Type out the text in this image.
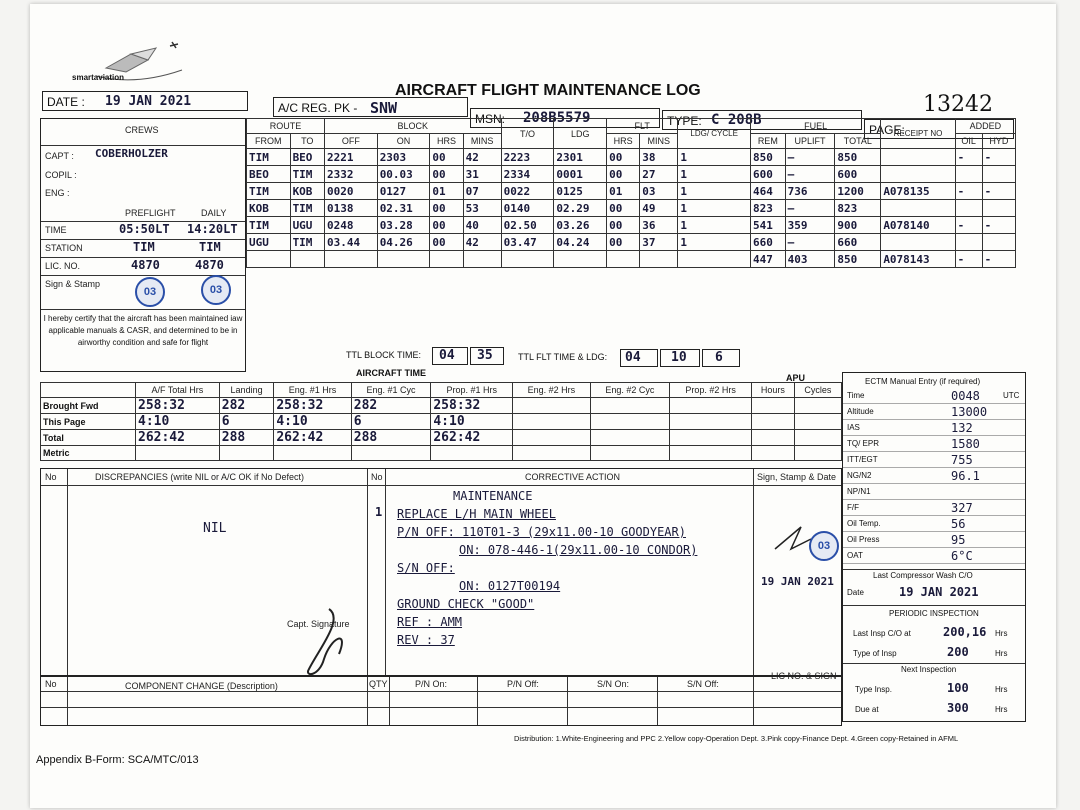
smartaviation
AIRCRAFT FLIGHT MAINTENANCE LOG
13242
DATE : 19 JAN 2021	A/C REG. PK - SNW
MSN: 208B5579	TYPE: C 208B
PAGE:
CREWS
CAPT : COBERHOLZER
COPIL :
ENG :
PREFLIGHT	DAILY
TIME	05:50LT 14:20LT
STATION	TIM	TIM
LIC. NO.	4870	4870
Sign & Stamp
03	03
I hereby certify that the aircraft has been maintained iaw applicable manuals & CASR, and determined to be in airworthy condition and safe for flight
ROUTE		BLOCK				T/O	LDG	FLT		LDG/ CYCLE	FUEL			RECEIPT NO	ADDED	
FROM	TO	OFF	ON	HRS	MINS			HRS	MINS		REM	UPLIFT	TOTAL		OIL	HYD
TIM	BEO	2221	2303	00	42	2223	2301	00	38	1	850	—	850		-	-
BEO	TIM	2332	00.03	00	31	2334	0001	00	27	1	600	—	600			
TIM	KOB	0020	0127	01	07	0022	0125	01	03	1	464	736	1200	A078135	-	-
KOB	TIM	0138	02.31	00	53	0140	02.29	00	49	1	823	—	823			
TIM	UGU	0248	03.28	00	40	02.50	03.26	00	36	1	541	359	900	A078140	-	-
UGU	TIM	03.44	04.26	00	42	03.47	04.24	00	37	1	660	—	660			
											447	403	850	A078143	-	-
TTL BLOCK TIME:	04	35	TTL FLT TIME & LDG:	04	10	6
AIRCRAFT TIME	APU
	A/F Total Hrs	Landing	Eng. #1 Hrs	Eng. #1 Cyc	Prop. #1 Hrs	Eng. #2 Hrs	Eng. #2 Cyc	Prop. #2 Hrs	Hours	Cycles
Brought Fwd	258:32	282	258:32	282	258:32					
This Page	4:10	6	4:10	6	4:10					
Total	262:42	288	262:42	288	262:42					
Metric										
ECTM Manual Entry (if required)
Time	0048	UTC
Altitude	13000
IAS	132
TQ/ EPR	1580
ITT/EGT	755
NG/N2	96.1
NP/N1
F/F	327
Oil Temp.	56
Oil Press	95
OAT	6°C
Last Compressor Wash C/O
Date	19 JAN 2021
PERIODIC INSPECTION
Last Insp C/O at	200,16 Hrs
Type of Insp	200	Hrs
Next Inspection
Type Insp.	100	Hrs
Due at	300	Hrs
No	DISCREPANCIES (write NIL or A/C OK if No Defect)	No	CORRECTIVE ACTION	Sign, Stamp & Date
NIL
1
MAINTENANCE
REPLACE L/H MAIN WHEEL
P/N OFF: 110T01-3 (29x11.00-10 GOODYEAR)
ON: 078-446-1(29x11.00-10 CONDOR)
S/N OFF:
ON: 0127T00194
GROUND CHECK "GOOD"
REF : AMM
REV : 37
Capt. Signature
03
19 JAN 2021
No	COMPONENT CHANGE (Description)	QTY	P/N On:	P/N Off:	S/N On:	S/N Off:
LIC NO. & SIGN
Distribution: 1.White-Engineering and PPC 2.Yellow copy-Operation Dept. 3.Pink copy-Finance Dept. 4.Green copy-Retained in AFML
Appendix B-Form: SCA/MTC/013
